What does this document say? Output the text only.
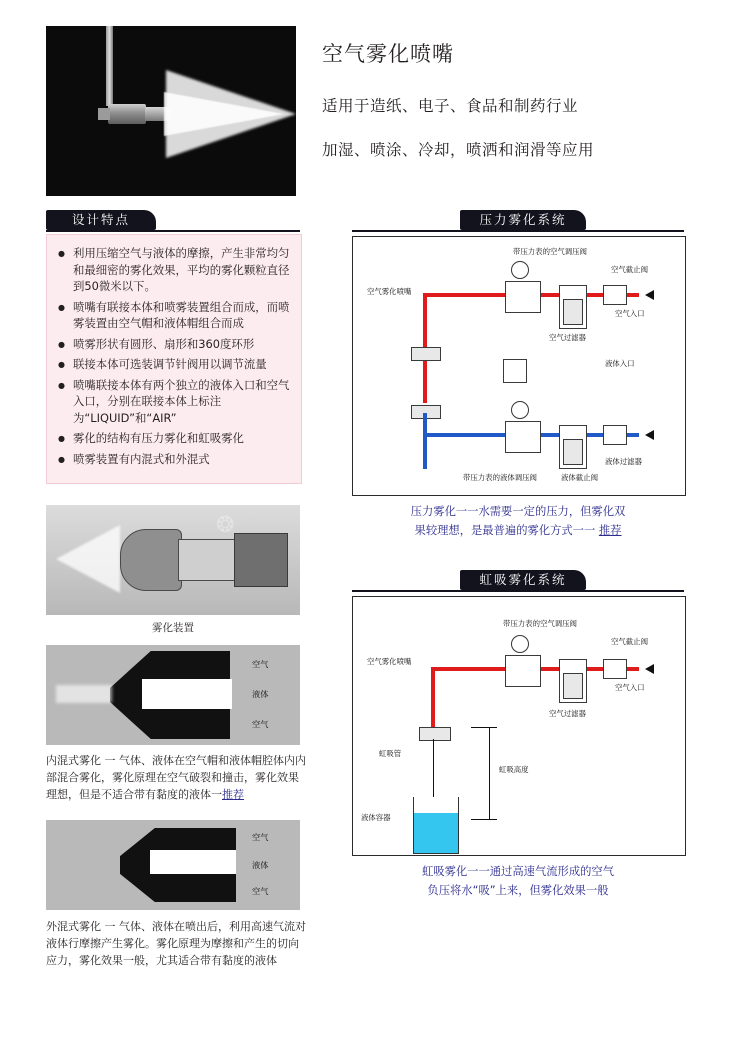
空气雾化喷嘴
适用于造纸、电子、食品和制药行业
加湿、喷涂、冷却，喷洒和润滑等应用
设计特点
● 利用压缩空气与液体的摩擦，产生非常均匀和最细密的雾化效果，平均的雾化颗粒直径到50微米以下。
● 喷嘴有联接本体和喷雾装置组合而成，而喷雾装置由空气帽和液体帽组合而成
● 喷雾形状有圆形、扇形和360度环形
● 联接本体可选装调节针阀用以调节流量
● 喷嘴联接本体有两个独立的液体入口和空气入口，分别在联接本体上标注为“LIQUID”和“AIR”
● 雾化的结构有压力雾化和虹吸雾化
● 喷雾装置有内混式和外混式
压力雾化系统
带压力表的空气调压阀
空气截止阀
空气雾化喷嘴
空气入口
空气过滤器
液体入口
液体截止阀
液体过滤器
带压力表的液体调压阀
压力雾化一一水需要一定的压力，但雾化双
果较理想，是最普遍的雾化方式一一 推荐
虹吸雾化系统
带压力表的空气调压阀
空气截止阀
空气雾化喷嘴
空气入口
空气过滤器
虹吸管
虹吸高度
液体容器
虹吸雾化一一通过高速气流形成的空气
负压将水“吸”上来，但雾化效果一般
❂
雾化装置
空气
液体
空气
内混式雾化 一 气体、液体在空气帽和液体帽腔体内内部混合雾化，雾化原理在空气破裂和撞击，雾化效果理想，但是不适合带有黏度的液体一推荐
空气
液体
空气
外混式雾化 一 气体、液体在喷出后，利用高速气流对液体行摩擦产生雾化。雾化原理为摩擦和产生的切向应力，雾化效果一般，尤其适合带有黏度的液体
